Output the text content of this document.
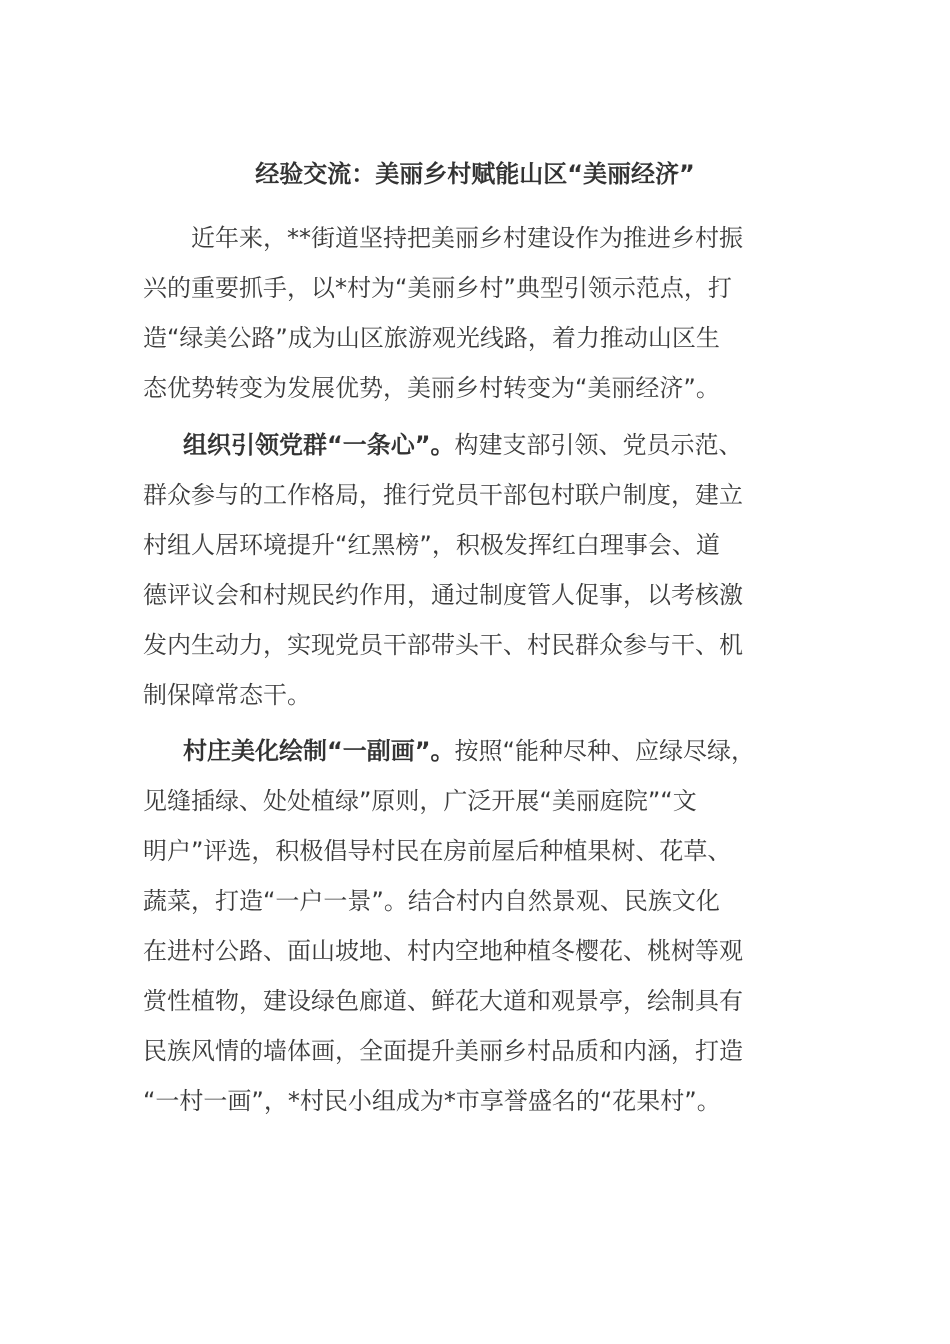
经验交流：美丽乡村赋能山区“美丽经济”
近年来，**街道坚持把美丽乡村建设作为推进乡村振
兴的重要抓手，以*村为“美丽乡村”典型引领示范点，打
造“绿美公路”成为山区旅游观光线路，着力推动山区生
态优势转变为发展优势，美丽乡村转变为“美丽经济”。
组织引领党群“一条心”。构建支部引领、党员示范、
群众参与的工作格局，推行党员干部包村联户制度，建立
村组人居环境提升“红黑榜”，积极发挥红白理事会、道
德评议会和村规民约作用，通过制度管人促事，以考核激
发内生动力，实现党员干部带头干、村民群众参与干、机
制保障常态干。
村庄美化绘制“一副画”。按照“能种尽种、应绿尽绿，
见缝插绿、处处植绿”原则，广泛开展“美丽庭院”“文
明户”评选，积极倡导村民在房前屋后种植果树、花草、
蔬菜，打造“一户一景”。结合村内自然景观、民族文化
在进村公路、面山坡地、村内空地种植冬樱花、桃树等观
赏性植物，建设绿色廊道、鲜花大道和观景亭，绘制具有
民族风情的墙体画，全面提升美丽乡村品质和内涵，打造
“一村一画”，*村民小组成为*市享誉盛名的“花果村”。
